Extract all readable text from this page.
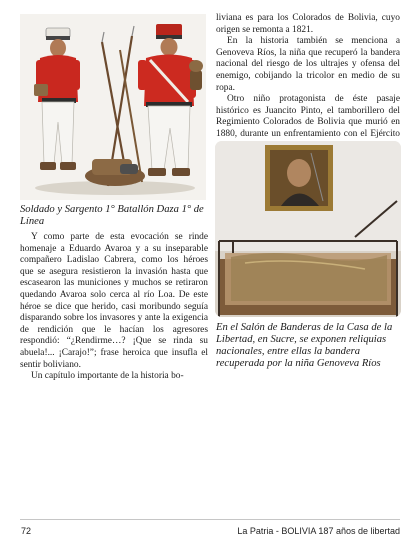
Soldado y Sargento 1° Batallón Daza 1° de Línea

Y como parte de esta evocación se rinde homenaje a Eduardo Avaroa y a su inseparable compañero Ladislao Cabrera, como los héroes que se asegura resistieron la invasión hasta que escasearon las municiones y muchos se retiraron quedando Avaroa solo cerca al río Loa. De este héroe se dice que herido, casi moribundo seguía disparando sobre los invasores y ante la exigencia de rendición que le hacían los agresores respondió: “¿Rendirme…? ¡Que se rinda su abuela!... ¡Carajo!”; frase heroica que insufla el sentir boliviano.

Un capítulo importante de la historia bo-

liviana es para los Colorados de Bolivia, cuyo origen se remonta a 1821.

En la historia también se menciona a Genoveva Ríos, la niña que recuperó la bandera nacional del riesgo de los ultrajes y ofensa del enemigo, cobijando la tricolor en medio de su ropa.

Otro niño protagonista de éste pasaje histórico es Juancito Pinto, el tamborillero del Regimiento Colorados de Bolivia que murió en 1880, durante un enfrentamiento con el Ejército

En el Salón de Banderas de la Casa de la Libertad, en Sucre, se exponen reliquias nacionales, entre ellas la bandera recuperada por la niña Genoveva Ríos
72	La Patria - BOLIVIA 187 años de libertad
